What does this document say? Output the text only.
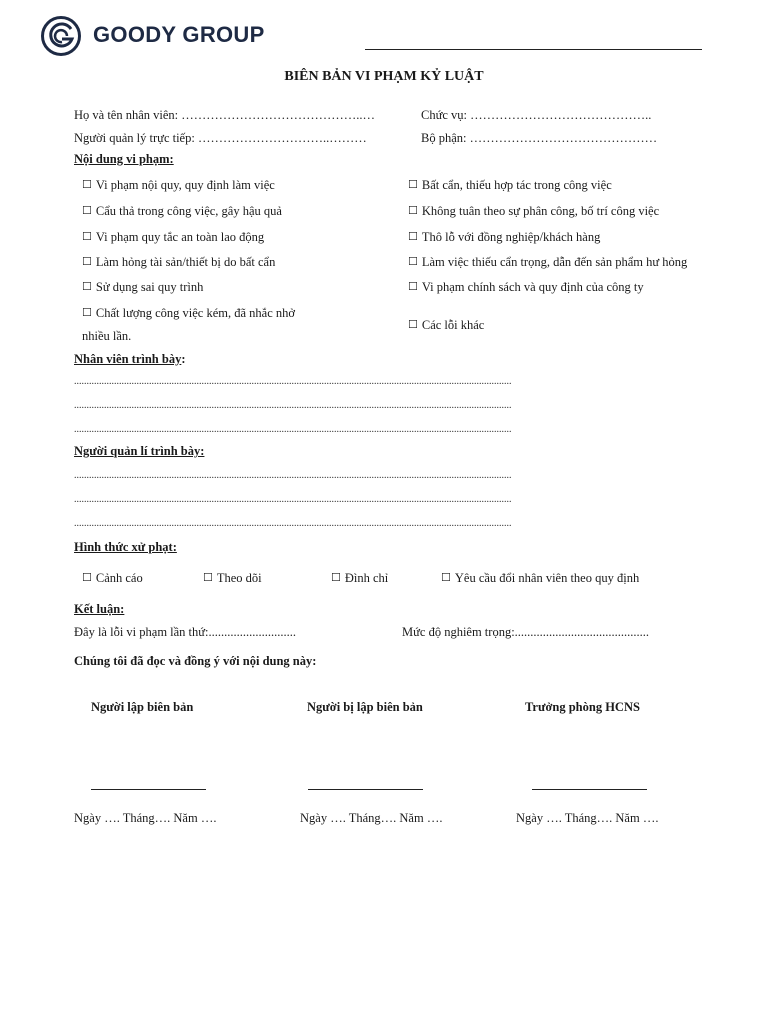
GOODY GROUP
BIÊN BẢN VI PHẠM KỶ LUẬT
Họ và tên nhân viên: ……………………………………..…	Chức vụ: ……………………………………..
Người quản lý trực tiếp: …………………………..………	Bộ phận: ………………………………………
Nội dung vi phạm:
☐ Vi phạm nội quy, quy định làm việc
☐ Cẩu thả trong công việc, gây hậu quả
☐ Vi phạm quy tắc an toàn lao động
☐ Làm hỏng tài sản/thiết bị do bất cẩn
☐ Sử dụng sai quy trình
☐ Chất lượng công việc kém, đã nhắc nhở
nhiều lần.
☐ Bất cẩn, thiếu hợp tác trong công việc
☐ Không tuân theo sự phân công, bố trí công việc
☐ Thô lỗ với đồng nghiệp/khách hàng
☐ Làm việc thiếu cẩn trọng, dẫn đến sản phẩm hư hỏng
☐ Vi phạm chính sách và quy định của công ty
☐ Các lỗi khác
Nhân viên trình bày:
...............................................................................................................................................................................
...............................................................................................................................................................................
...............................................................................................................................................................................
Người quản lí trình bày:
...............................................................................................................................................................................
...............................................................................................................................................................................
...............................................................................................................................................................................
Hình thức xử phạt:
☐ Cảnh cáo	☐ Theo dõi	☐ Đình chỉ	☐ Yêu cầu đổi nhân viên theo quy định
Kết luận:
Đây là lỗi vi phạm lần thứ:............................	Mức độ nghiêm trọng:...........................................
Chúng tôi đã đọc và đồng ý với nội dung này:
Người lập biên bản	Người bị lập biên bản	Trưởng phòng HCNS
Ngày …. Tháng…. Năm ….	Ngày …. Tháng…. Năm ….	Ngày …. Tháng…. Năm ….
